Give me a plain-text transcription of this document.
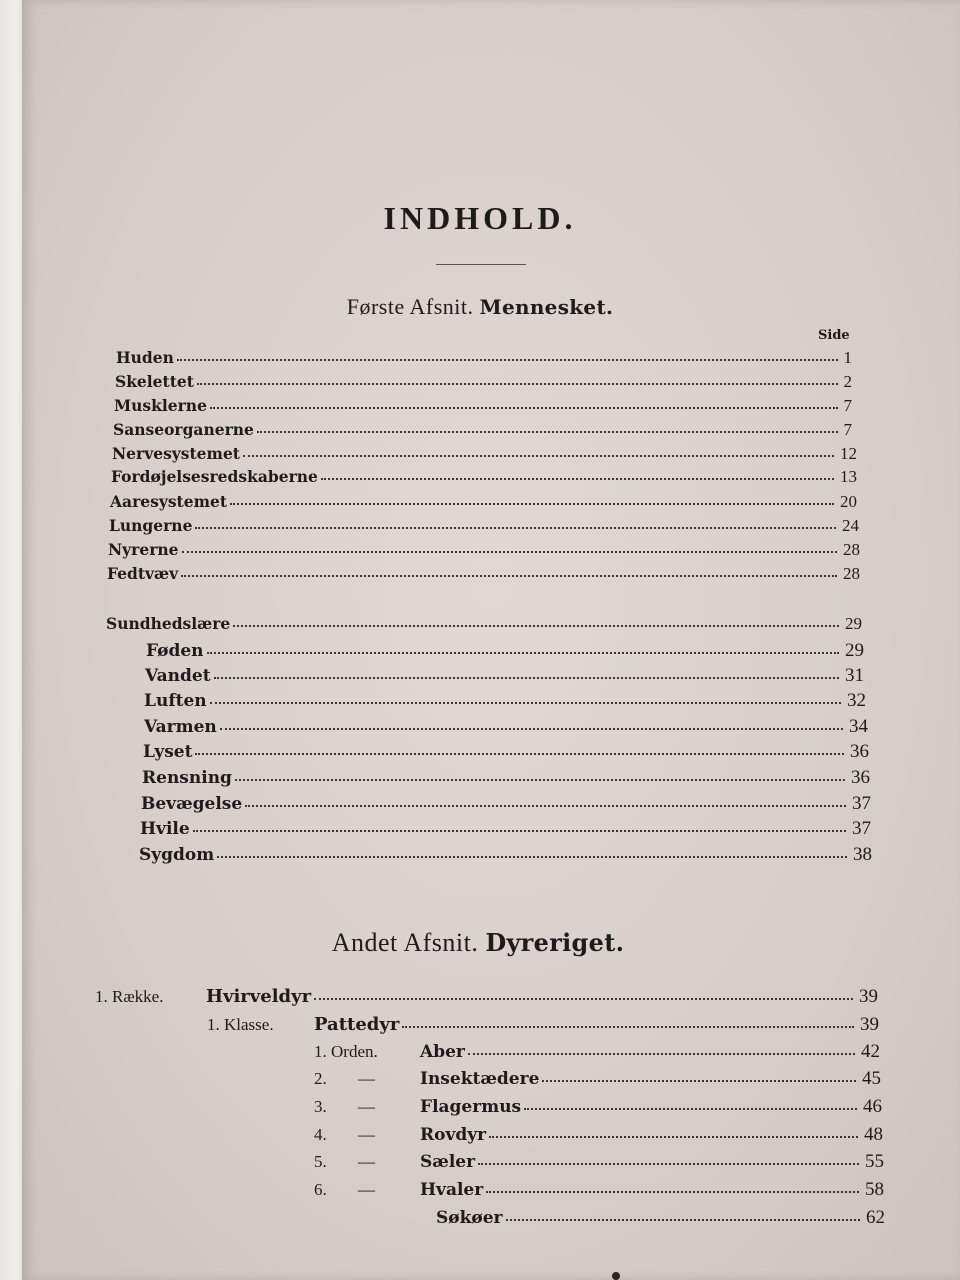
INDHOLD.
Første Afsnit. Mennesket.
Side
Huden	1
Skelettet	2
Musklerne	7
Sanseorganerne	7
Nervesystemet	12
Fordøjelsesredskaberne	13
Aaresystemet	20
Lungerne	24
Nyrerne	28
Fedtvæv	28
Sundhedslære	29
Føden	29
Vandet	31
Luften	32
Varmen	34
Lyset	36
Rensning	36
Bevægelse	37
Hvile	37
Sygdom	38
Andet Afsnit. Dyreriget.
1. Række. Hvirveldyr	39
1. Klasse. Pattedyr	39
1. Orden. Aber	42
2. —	Insektædere	45
3. —	Flagermus	46
4. —	Rovdyr	48
5. —	Sæler	55
6. —	Hvaler	58
Søkøer	62
